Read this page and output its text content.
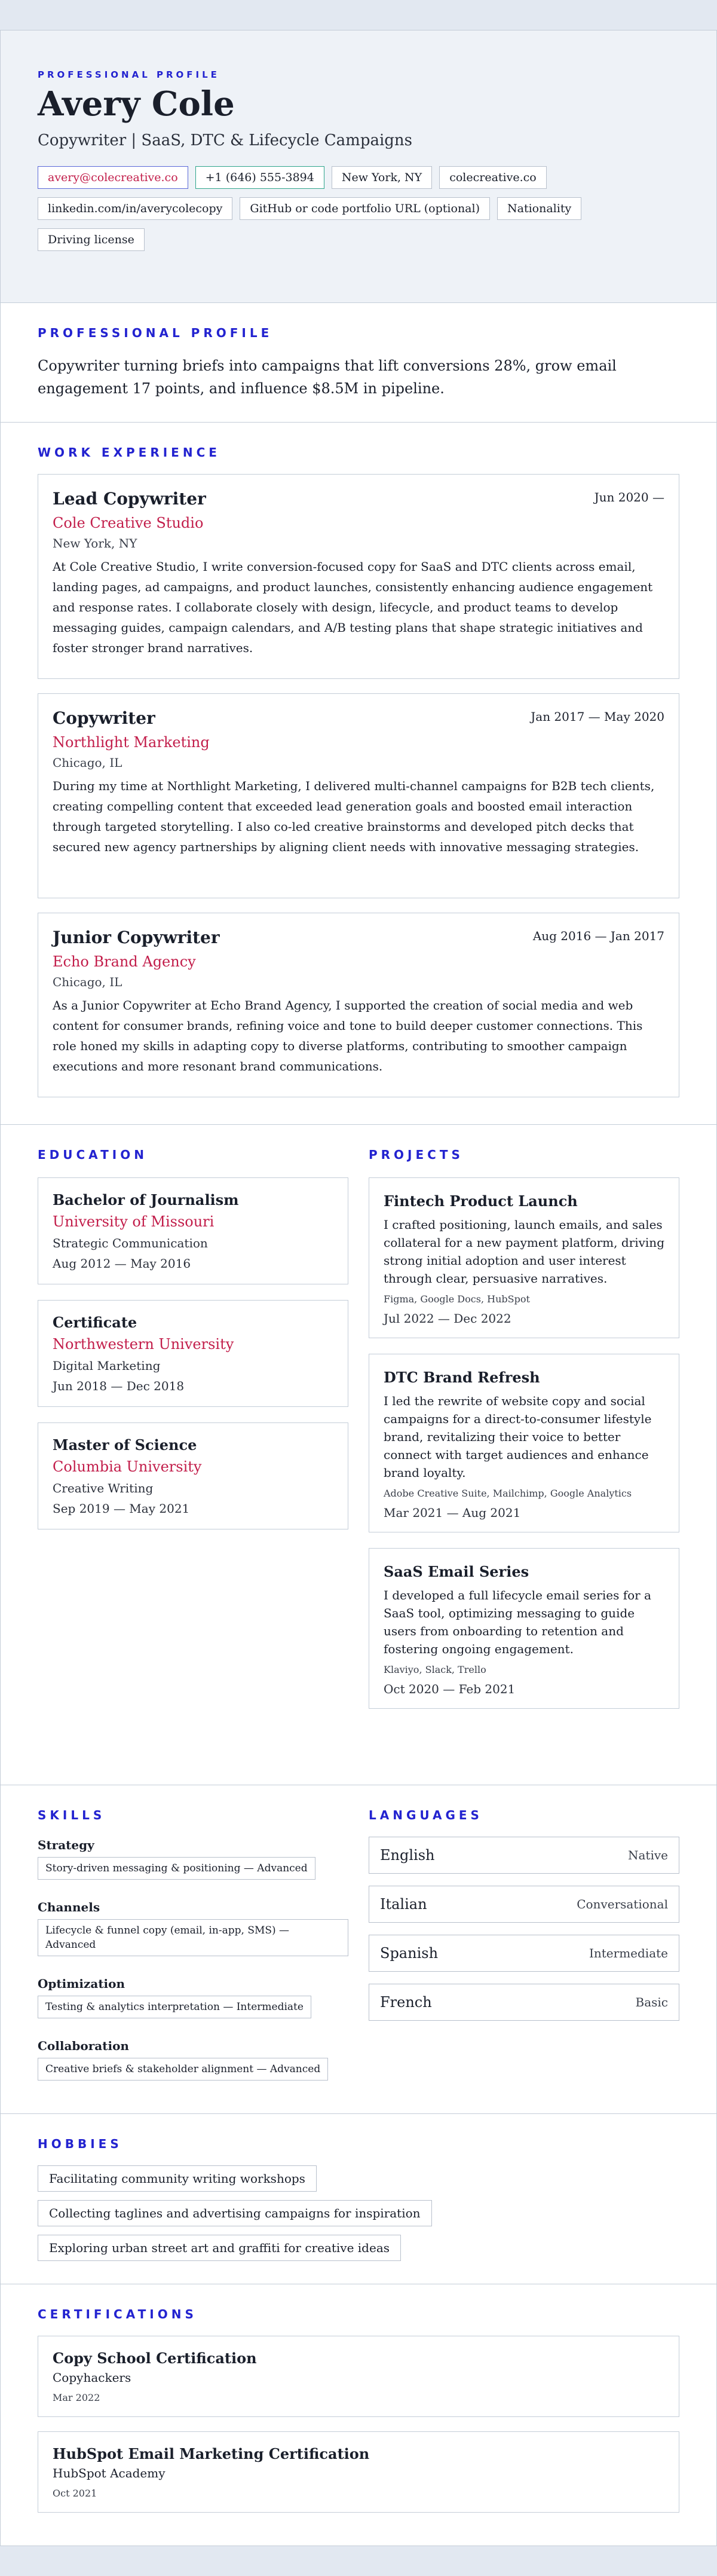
PROFESSIONAL PROFILE
Avery Cole
Copywriter | SaaS, DTC & Lifecycle Campaigns
avery@colecreative.co	+1 (646) 555-3894	New York, NY	colecreative.co
linkedin.com/in/averycolecopy	GitHub or code portfolio URL (optional)	Nationality
Driving license
PROFESSIONAL PROFILE

Copywriter turning briefs into campaigns that lift conversions 28%, grow email engagement 17 points, and influence $8.5M in pipeline.

WORK EXPERIENCE
Lead Copywriter	Jun 2020 —
Cole Creative Studio
New York, NY

At Cole Creative Studio, I write conversion-focused copy for SaaS and DTC clients across email, landing pages, ad campaigns, and product launches, consistently enhancing audience engagement and response rates. I collaborate closely with design, lifecycle, and product teams to develop messaging guides, campaign calendars, and A/B testing plans that shape strategic initiatives and foster stronger brand narratives.

Copywriter	Jan 2017 — May 2020
Northlight Marketing
Chicago, IL

During my time at Northlight Marketing, I delivered multi-channel campaigns for B2B tech clients, creating compelling content that exceeded lead generation goals and boosted email interaction through targeted storytelling. I also co-led creative brainstorms and developed pitch decks that secured new agency partnerships by aligning client needs with innovative messaging strategies.

Junior Copywriter	Aug 2016 — Jan 2017
Echo Brand Agency
Chicago, IL

As a Junior Copywriter at Echo Brand Agency, I supported the creation of social media and web content for consumer brands, refining voice and tone to build deeper customer connections. This role honed my skills in adapting copy to diverse platforms, contributing to smoother campaign executions and more resonant brand communications.

EDUCATION
Bachelor of Journalism
University of Missouri
Strategic Communication
Aug 2012 — May 2016
Certificate
Northwestern University
Digital Marketing
Jun 2018 — Dec 2018
Master of Science
Columbia University
Creative Writing
Sep 2019 — May 2021
PROJECTS
Fintech Product Launch

I crafted positioning, launch emails, and sales collateral for a new payment platform, driving strong initial adoption and user interest through clear, persuasive narratives.

Figma, Google Docs, HubSpot
Jul 2022 — Dec 2022
DTC Brand Refresh

I led the rewrite of website copy and social campaigns for a direct-to-consumer lifestyle brand, revitalizing their voice to better connect with target audiences and enhance brand loyalty.

Adobe Creative Suite, Mailchimp, Google Analytics
Mar 2021 — Aug 2021
SaaS Email Series

I developed a full lifecycle email series for a SaaS tool, optimizing messaging to guide users from onboarding to retention and fostering ongoing engagement.

Klaviyo, Slack, Trello
Oct 2020 — Feb 2021
SKILLS
Strategy
Story-driven messaging & positioning — Advanced
Channels
Lifecycle & funnel copy (email, in-app, SMS) — Advanced
Optimization
Testing & analytics interpretation — Intermediate
Collaboration
Creative briefs & stakeholder alignment — Advanced
LANGUAGES
English	Native
Italian	Conversational
Spanish	Intermediate
French	Basic
HOBBIES
Facilitating community writing workshops
Collecting taglines and advertising campaigns for inspiration
Exploring urban street art and graffiti for creative ideas
CERTIFICATIONS
Copy School Certification
Copyhackers
Mar 2022
HubSpot Email Marketing Certification
HubSpot Academy
Oct 2021
